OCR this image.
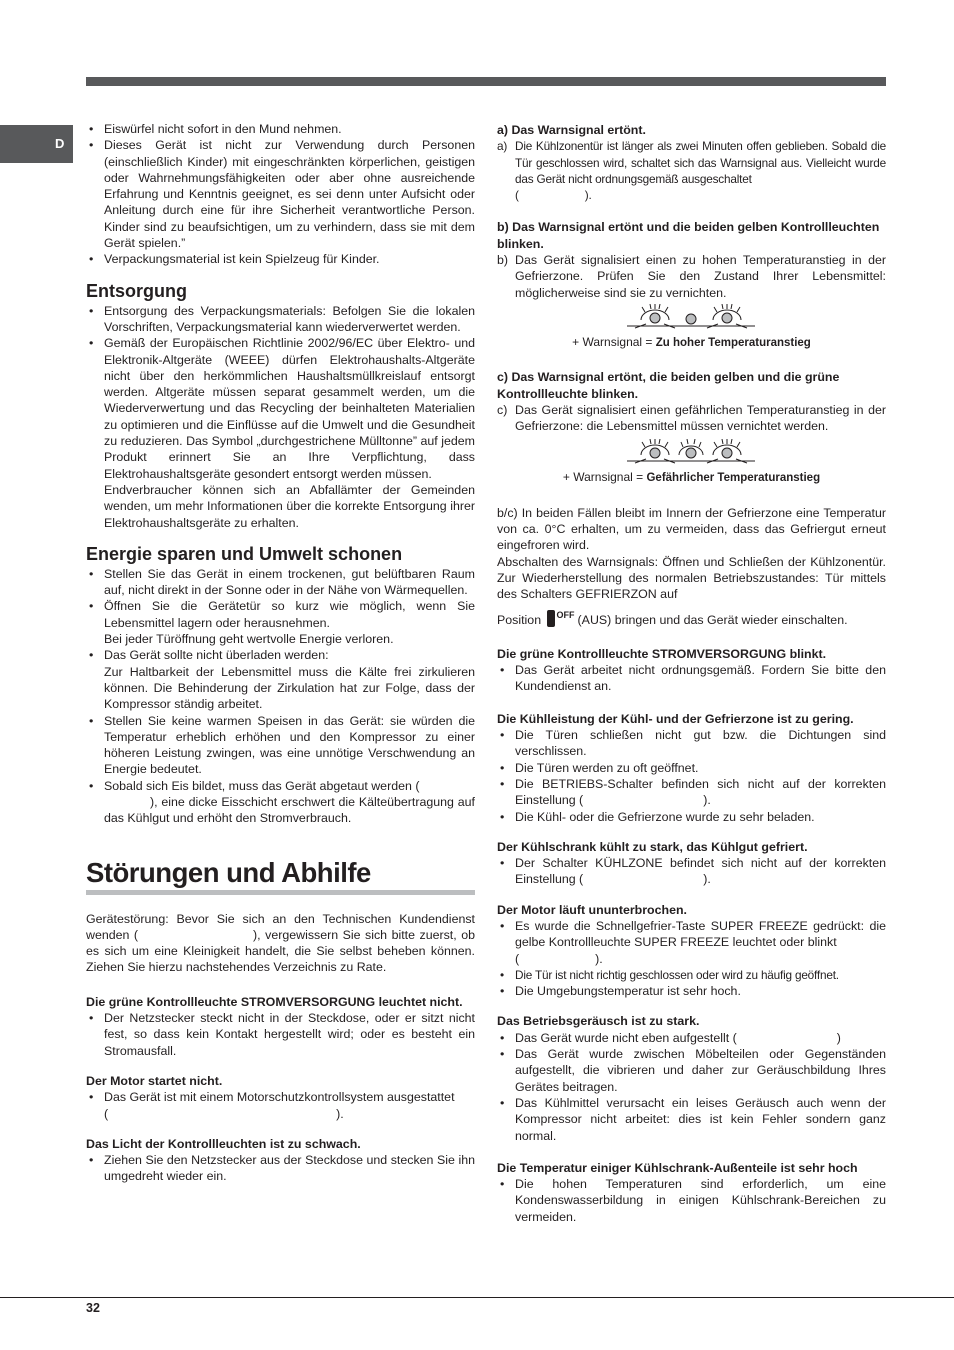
D
• Eiswürfel nicht sofort in den Mund nehmen.
• Dieses Gerät ist nicht zur Verwendung durch Personen (einschließlich Kinder) mit eingeschränkten körperlichen, geistigen oder Wahrnehmungsfähigkeiten oder aber ohne ausreichende Erfahrung und Kenntnis geeignet, es sei denn unter Aufsicht oder Anleitung durch eine für ihre Sicherheit verantwortliche Person. Kinder sind zu beaufsichtigen, um zu verhindern, dass sie mit dem Gerät spielen.”
• Verpackungsmaterial ist kein Spielzeug für Kinder.
Entsorgung
• Entsorgung des Verpackungsmaterials: Befolgen Sie die lokalen Vorschriften, Verpackungsmaterial kann wiederverwertet werden.
• Gemäß der Europäischen Richtlinie 2002/96/EC über Elektro- und Elektronik-Altgeräte (WEEE) dürfen Elektrohaushalts-Altgeräte nicht über den herkömmlichen Haushaltsmüllkreislauf entsorgt werden. Altgeräte müssen separat gesammelt werden, um die Wiederverwertung und das Recycling der beinhalteten Materialien zu optimieren und die Einflüsse auf die Umwelt und die Gesundheit zu reduzieren. Das Symbol „durchgestrichene Mülltonne” auf jedem Produkt erinnert Sie an Ihre Verpflichtung, dass Elektrohaushaltsgeräte gesondert entsorgt werden müssen.

Endverbraucher können sich an Abfallämter der Gemeinden wenden, um mehr Informationen über die korrekte Entsorgung ihrer Elektrohaushaltsgeräte zu erhalten.

Energie sparen und Umwelt schonen
• Stellen Sie das Gerät in einem trockenen, gut belüftbaren Raum auf, nicht direkt in der Sonne oder in der Nähe von Wärmequellen.
• Öffnen Sie die Gerätetür so kurz wie möglich, wenn Sie Lebensmittel lagern oder herausnehmen.

Bei jeder Türöffnung geht wertvolle Energie verloren.

• Das Gerät sollte nicht überladen werden:

Zur Haltbarkeit der Lebensmittel muss die Kälte frei zirkulieren können. Die Behinderung der Zirkulation hat zur Folge, dass der Kompressor ständig arbeitet.

• Stellen Sie keine warmen Speisen in das Gerät: sie würden die Temperatur erheblich erhöhen und den Kompressor zu einer höheren Leistung zwingen, was eine unnötige Verschwendung an Energie bedeutet.
• Sobald sich Eis bildet, muss das Gerät abgetaut werden (
), eine dicke Eisschicht erschwert die Kälteübertragung auf das Kühlgut und erhöht den Stromverbrauch.
Störungen und Abhilfe

Gerätestörung: Bevor Sie sich an den Technischen Kundendienst wenden (	), vergewissern Sie sich bitte zuerst, ob es sich um eine Kleinigkeit handelt, die Sie selbst beheben können. Ziehen Sie hierzu nachstehendes Verzeichnis zu Rate.

Die grüne Kontrollleuchte STROMVERSORGUNG leuchtet nicht.

• Der Netzstecker steckt nicht in der Steckdose, oder er sitzt nicht fest, so dass kein Kontakt hergestellt wird; oder es besteht ein Stromausfall.

Der Motor startet nicht.

• Das Gerät ist mit einem Motorschutzkontrollsystem ausgestattet
(	).

Das Licht der Kontrollleuchten ist zu schwach.

• Ziehen Sie den Netzstecker aus der Steckdose und stecken Sie ihn umgedreht wieder ein.

a) Das Warnsignal ertönt.

a) Die Kühlzonentür ist länger als zwei Minuten offen geblieben. Sobald die Tür geschlossen wird, schaltet sich das Warnsignal aus. Vielleicht wurde das Gerät nicht ordnungsgemäß ausgeschaltet
(	).

b) Das Warnsignal ertönt und die beiden gelben Kontrollleuchten blinken.

b) Das Gerät signalisiert einen zu hohen Temperaturanstieg in der Gefrierzone. Prüfen Sie den Zustand Ihrer Lebensmittel: möglicherweise sind sie zu vernichten.

+ Warnsignal = Zu hoher Temperaturanstieg

c) Das Warnsignal ertönt, die beiden gelben und die grüne Kontrollleuchte blinken.

c) Das Gerät signalisiert einen gefährlichen Temperaturanstieg in der Gefrierzone: die Lebensmittel müssen vernichtet werden.

+ Warnsignal = Gefährlicher Temperaturanstieg

b/c) In beiden Fällen bleibt im Innern der Gefrierzone eine Temperatur von ca. 0°C erhalten, um zu vermeiden, dass das Gefriergut erneut eingefroren wird.

Abschalten des Warnsignals: Öffnen und Schließen der Kühlzonentür. Zur Wiederherstellung des normalen Betriebszustandes: Tür mittels des Schalters GEFRIERZON auf

Position $^{OFF}$ (AUS) bringen und das Gerät wieder einschalten.

Die grüne Kontrollleuchte STROMVERSORGUNG blinkt.

• Das Gerät arbeitet nicht ordnungsgemäß. Fordern Sie bitte den Kundendienst an.

Die Kühlleistung der Kühl- und der Gefrierzone ist zu gering.

• Die Türen schließen nicht gut bzw. die Dichtungen sind verschlissen.
• Die Türen werden zu oft geöffnet.
• Die BETRIEBS-Schalter befinden sich nicht auf der korrekten Einstellung (	).
• Die Kühl- oder die Gefrierzone wurde zu sehr beladen.

Der Kühlschrank kühlt zu stark, das Kühlgut gefriert.

• Der Schalter KÜHLZONE befindet sich nicht auf der korrekten Einstellung (	).

Der Motor läuft ununterbrochen.

• Es wurde die Schnellgefrier-Taste SUPER FREEZE gedrückt: die gelbe Kontrollleuchte SUPER FREEZE leuchtet oder blinkt
(	).
• Die Tür ist nicht richtig geschlossen oder wird zu häufig geöffnet.
• Die Umgebungstemperatur ist sehr hoch.

Das Betriebsgeräusch ist zu stark.

• Das Gerät wurde nicht eben aufgestellt (	)
• Das Gerät wurde zwischen Möbelteilen oder Gegenständen aufgestellt, die vibrieren und daher zur Geräuschbildung Ihres Gerätes beitragen.
• Das Kühlmittel verursacht ein leises Geräusch auch wenn der Kompressor nicht arbeitet: dies ist kein Fehler sondern ganz normal.

Die Temperatur einiger Kühlschrank-Außenteile ist sehr hoch

• Die hohen Temperaturen sind erforderlich, um eine Kondenswasserbildung in einigen Kühlschrank-Bereichen zu vermeiden.
32
